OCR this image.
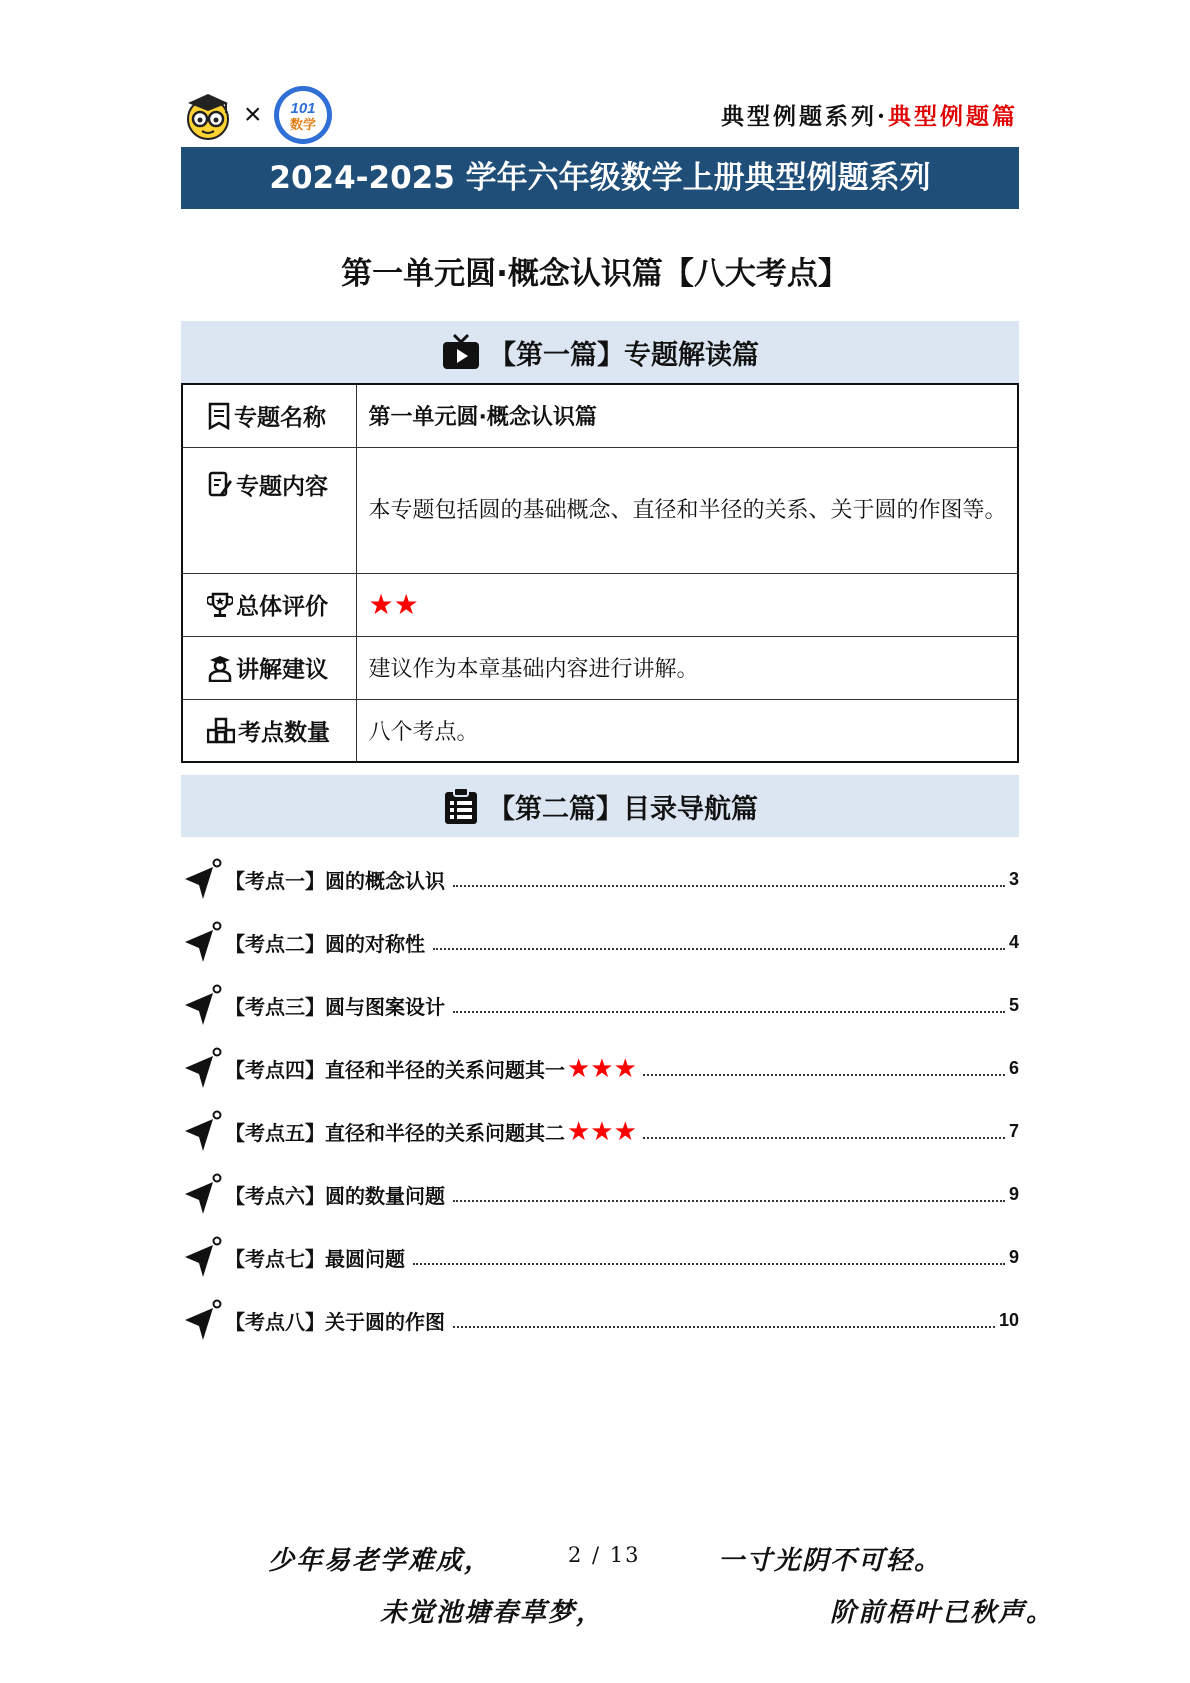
× 101
数学	典型例题系列·典型例题篇
2024-2025 学年六年级数学上册典型例题系列
第一单元圆·概念认识篇【八大考点】
【第一篇】专题解读篇
专题名称	第一单元圆·概念认识篇

专题内容	本专题包括圆的基础概念、直径和半径的关系、关于圆的作图等。

总体评价	★★

讲解建议	建议作为本章基础内容进行讲解。

考点数量	八个考点。
【第二篇】目录导航篇
【考点一】圆的概念认识	3
【考点二】圆的对称性	4
【考点三】圆与图案设计	5
【考点四】直径和半径的关系问题其一 ★★★	6
【考点五】直径和半径的关系问题其二 ★★★	7
【考点六】圆的数量问题	9
【考点七】最圆问题	9
【考点八】关于圆的作图	10
少年易老学难成，	2 / 13	一寸光阴不可轻。
未觉池塘春草梦，	阶前梧叶已秋声。
